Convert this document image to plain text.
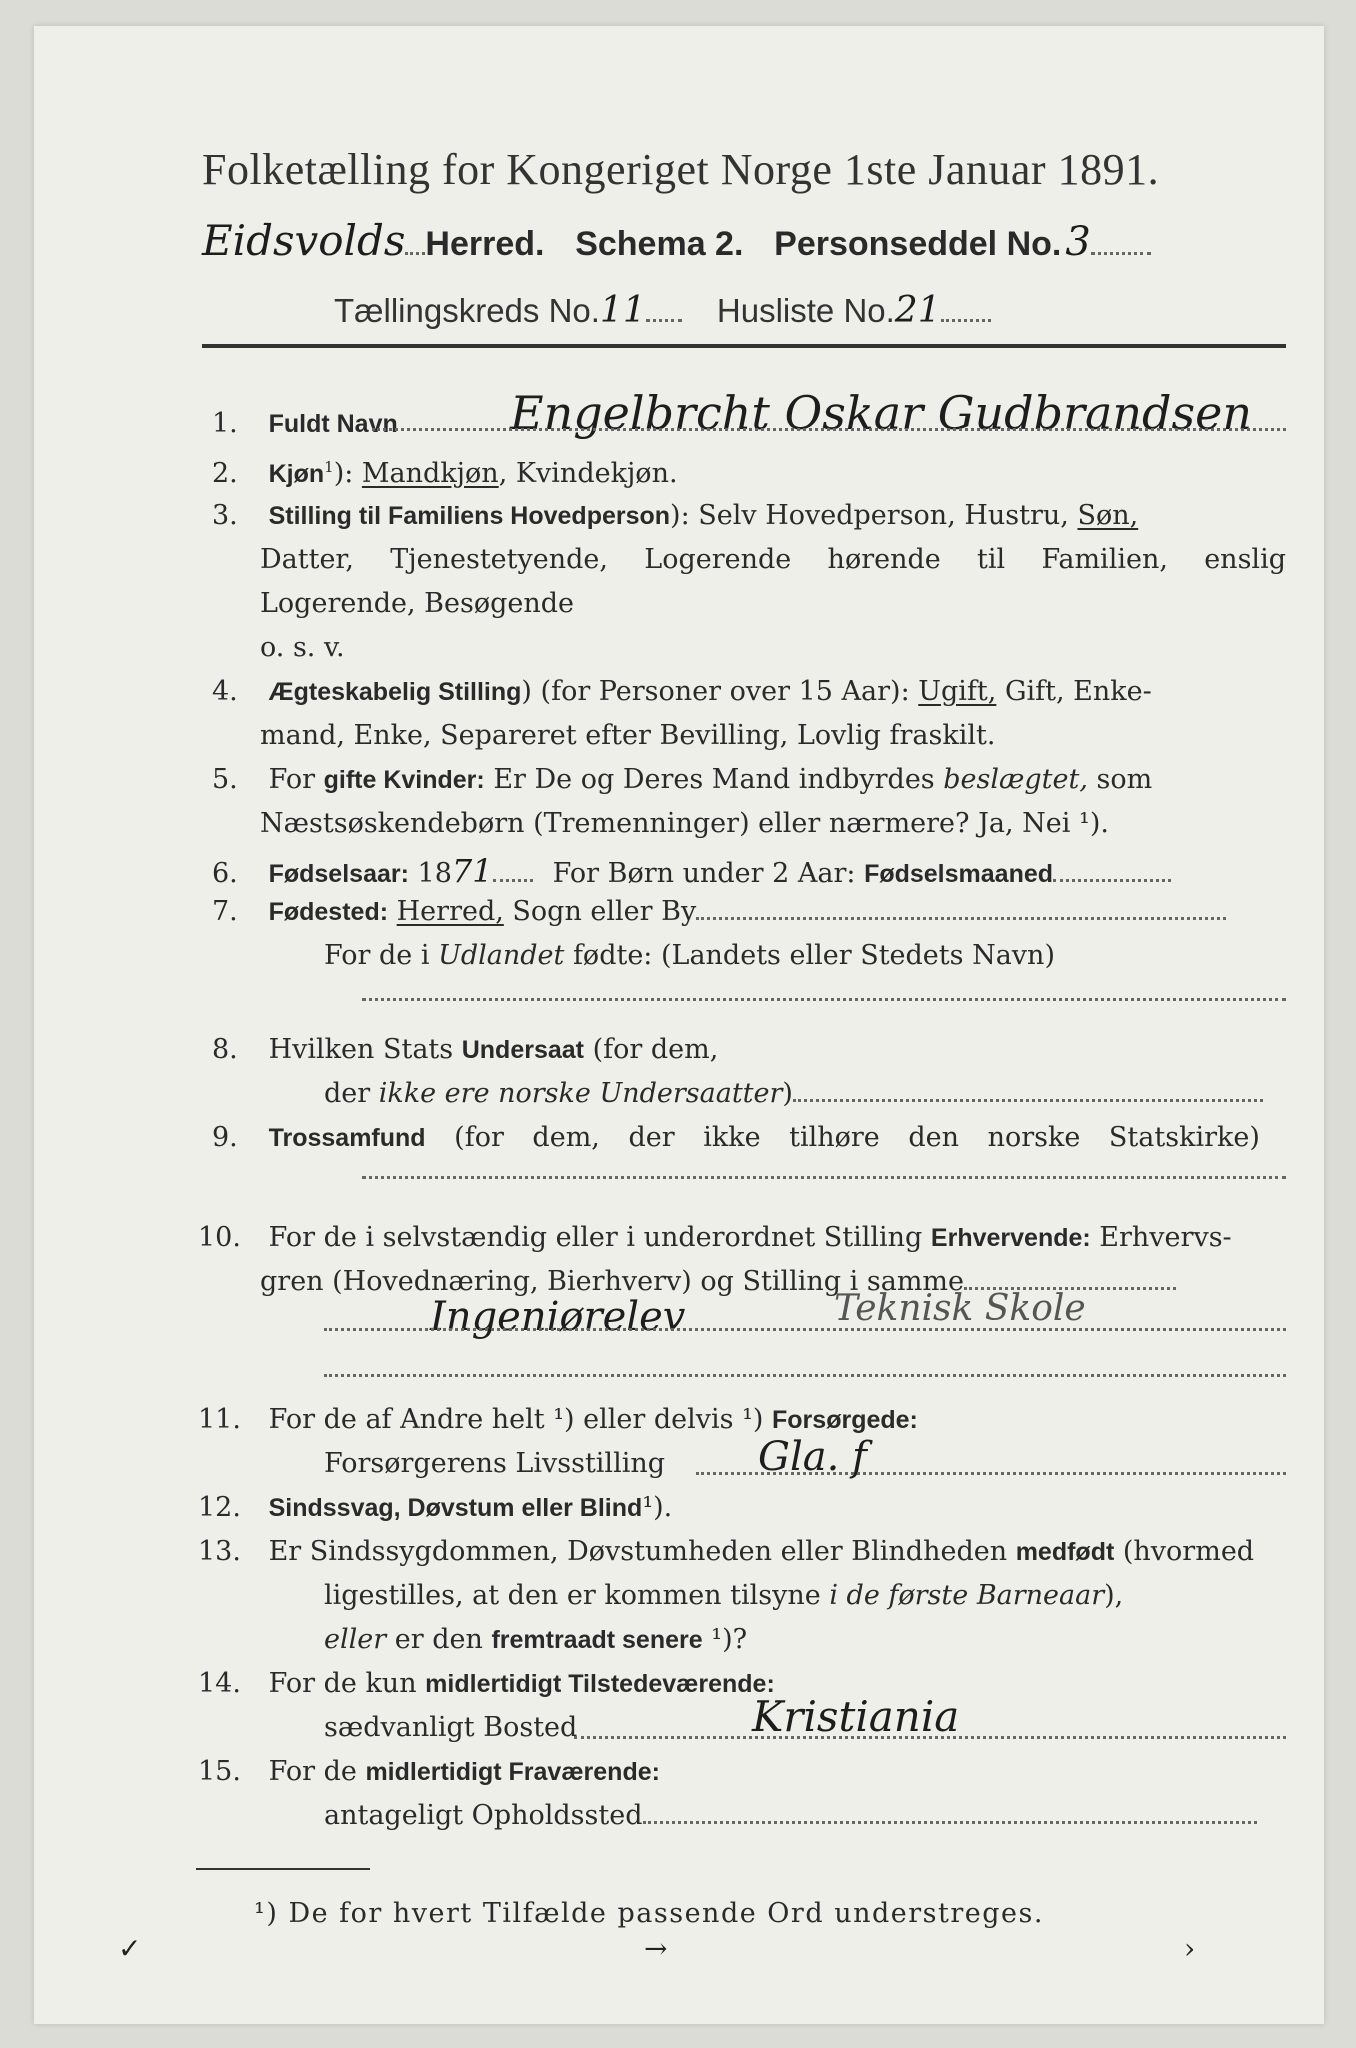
Folketælling for Kongeriget Norge 1ste Januar 1891.
Eidsvolds Herred. Schema 2. Personseddel No. 3
Tællingskreds No.11 Husliste No.21
1. Fuldt Navn Engelbrcht Oskar Gudbrandsen
2. Kjøn$^1$): Mandkjøn, Kvindekjøn.
3. Stilling til Familiens Hovedperson): Selv Hovedperson, Hustru, Søn,
Datter, Tjenestetyende, Logerende hørende til Familien, enslig
Logerende, Besøgende
o. s. v.
4. Ægteskabelig Stilling) (for Personer over 15 Aar): Ugift, Gift, Enke-
mand, Enke, Separeret efter Bevilling, Lovlig fraskilt.
5. For gifte Kvinder: Er De og Deres Mand indbyrdes beslægtet, som
Næstsøskendebørn (Tremenninger) eller nærmere? Ja, Nei ¹).
6. Fødselsaar: 1871 For Børn under 2 Aar: Fødselsmaaned
7. Fødested: Herred, Sogn eller By
For de i Udlandet fødte: (Landets eller Stedets Navn)
8. Hvilken Stats Undersaat (for dem,
der ikke ere norske Undersaatter)
9. Trossamfund (for dem, der ikke tilhøre den norske Statskirke)
10. For de i selvstændig eller i underordnet Stilling Erhvervende: Erhvervs-
gren (Hovednæring, Bierhverv) og Stilling i samme
Ingeniørelev	Teknisk Skole
11. For de af Andre helt ¹) eller delvis ¹) Forsørgede:
Forsørgerens Livsstilling Gla. f
12. Sindssvag, Døvstum eller Blind¹).
13. Er Sindssygdommen, Døvstumheden eller Blindheden medfødt (hvormed
ligestilles, at den er kommen tilsyne i de første Barneaar),
eller er den fremtraadt senere ¹)?
14. For de kun midlertidigt Tilstedeværende:
sædvanligt Bosted	Kristiania
15. For de midlertidigt Fraværende:
antageligt Opholdssted
¹) De for hvert Tilfælde passende Ord understreges.
✓	→	›
